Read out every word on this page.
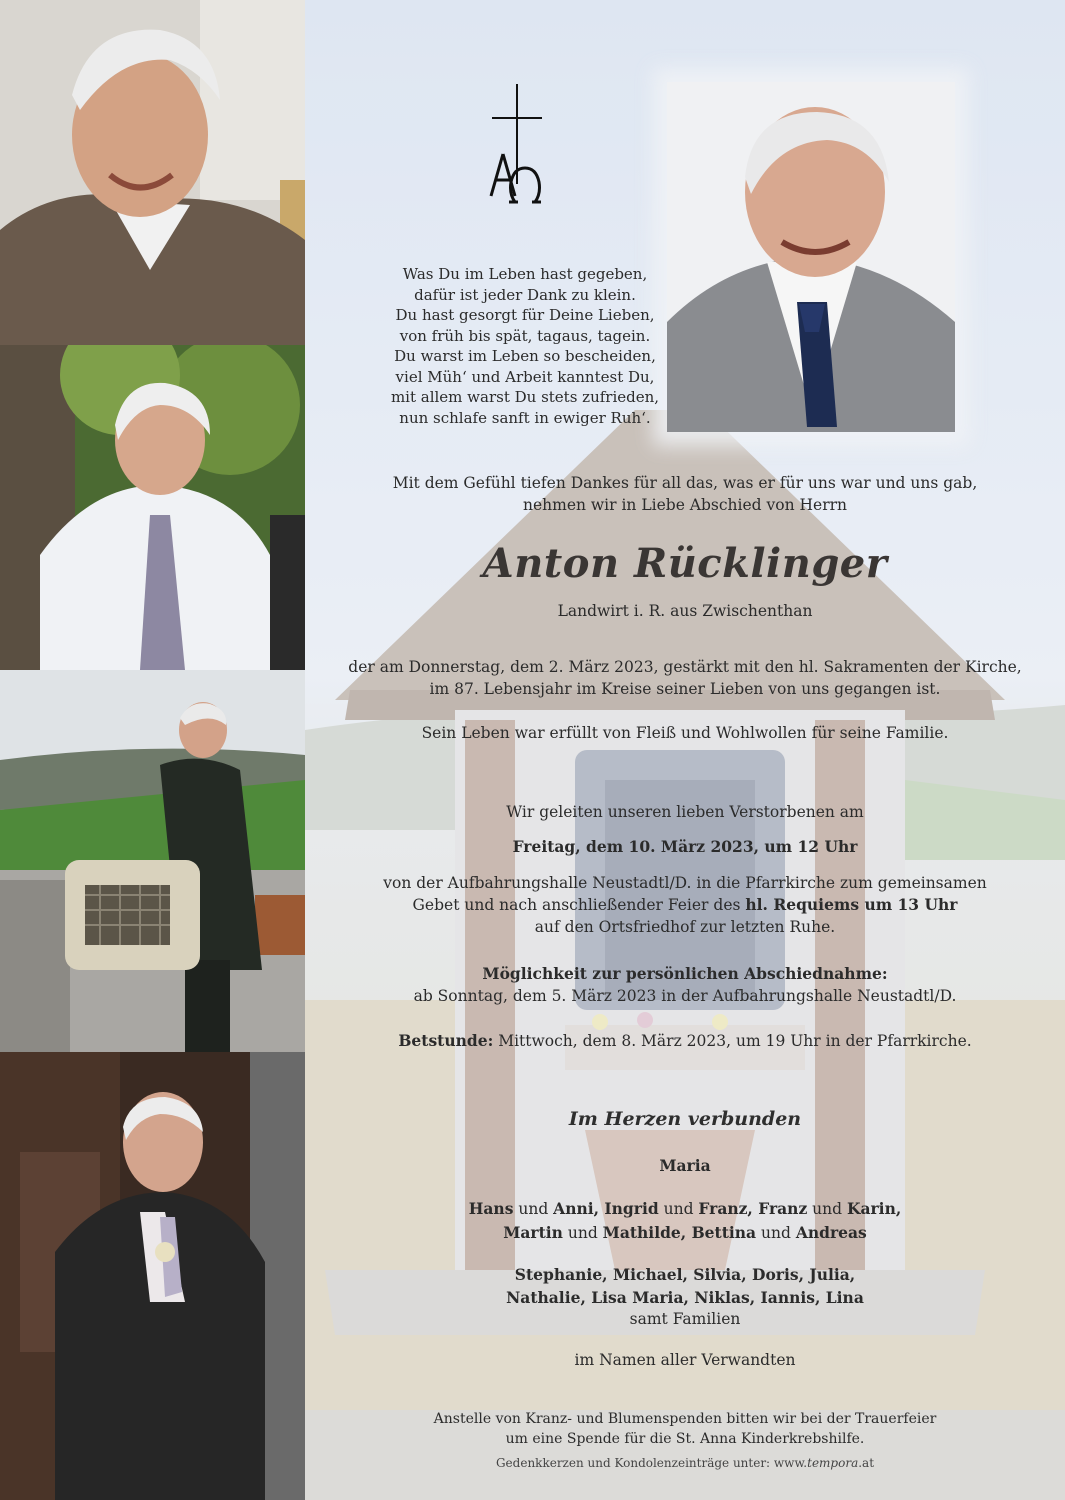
Was Du im Leben hast gegeben,
dafür ist jeder Dank zu klein.
Du hast gesorgt für Deine Lieben,
von früh bis spät, tagaus, tagein.
Du warst im Leben so bescheiden,
viel Müh‘ und Arbeit kanntest Du,
mit allem warst Du stets zufrieden,
nun schlafe sanft in ewiger Ruh‘.
Mit dem Gefühl tiefen Dankes für all das, was er für uns war und uns gab,
nehmen wir in Liebe Abschied von Herrn
Anton Rücklinger
Landwirt i. R. aus Zwischenthan
der am Donnerstag, dem 2. März 2023, gestärkt mit den hl. Sakramenten der Kirche,
im 87. Lebensjahr im Kreise seiner Lieben von uns gegangen ist.
Sein Leben war erfüllt von Fleiß und Wohlwollen für seine Familie.
Wir geleiten unseren lieben Verstorbenen am
Freitag, dem 10. März 2023, um 12 Uhr
von der Aufbahrungshalle Neustadtl/D. in die Pfarrkirche zum gemeinsamen
Gebet und nach anschließender Feier des hl. Requiems um 13 Uhr
auf den Ortsfriedhof zur letzten Ruhe.
Möglichkeit zur persönlichen Abschiednahme:
ab Sonntag, dem 5. März 2023 in der Aufbahrungshalle Neustadtl/D.
Betstunde: Mittwoch, dem 8. März 2023, um 19 Uhr in der Pfarrkirche.
Im Herzen verbunden
Maria
Hans und Anni, Ingrid und Franz, Franz und Karin,
Martin und Mathilde, Bettina und Andreas
Stephanie, Michael, Silvia, Doris, Julia,
Nathalie, Lisa Maria, Niklas, Iannis, Lina
samt Familien
im Namen aller Verwandten
Anstelle von Kranz- und Blumenspenden bitten wir bei der Trauerfeier
um eine Spende für die St. Anna Kinderkrebshilfe.
Gedenkkerzen und Kondolenzeinträge unter: www.tempora.at
